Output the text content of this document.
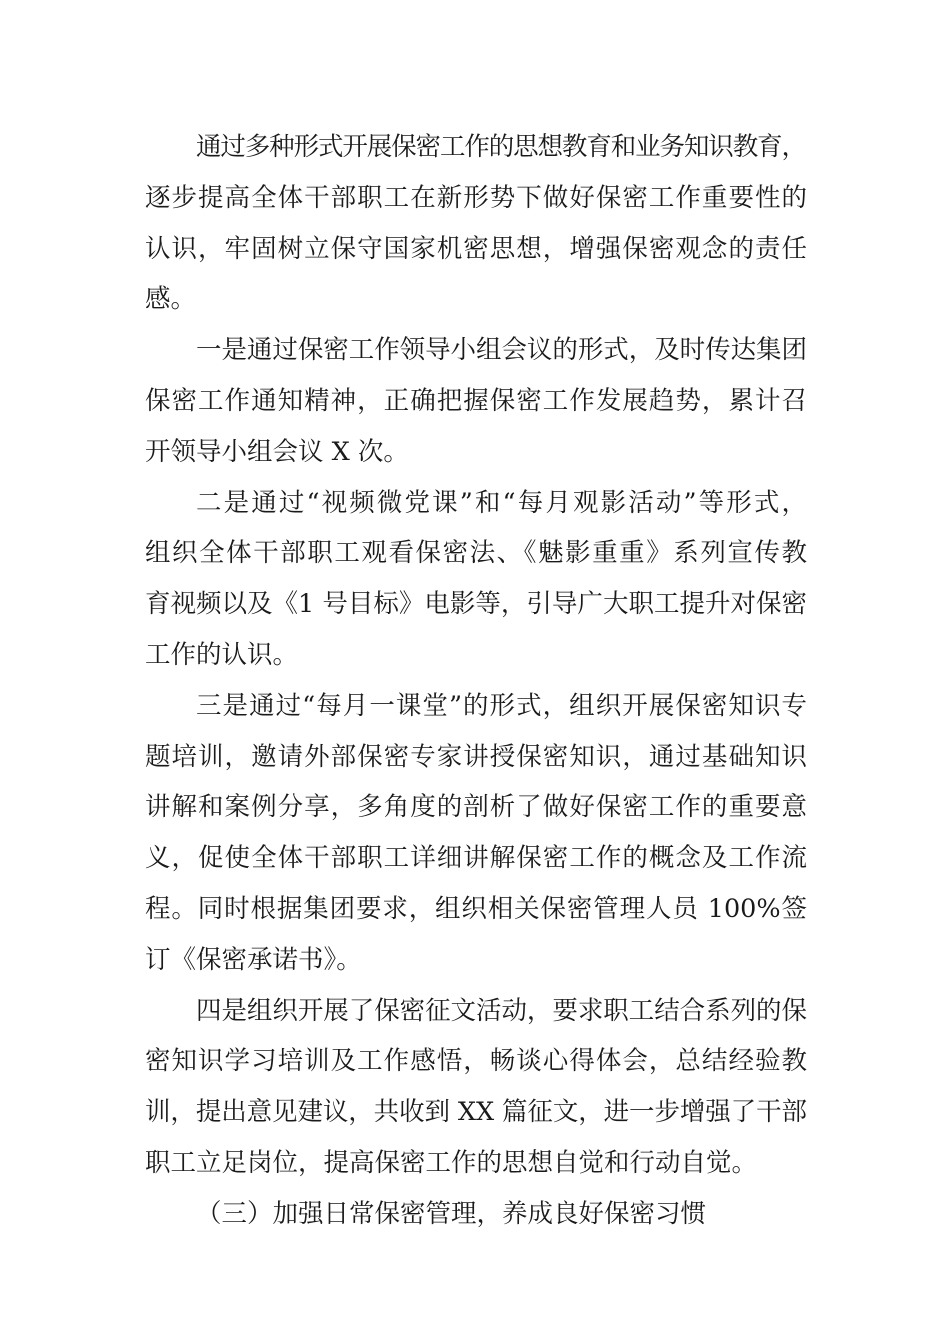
通过多种形式开展保密工作的思想教育和业务知识教育，
逐步提高全体干部职工在新形势下做好保密工作重要性的
认识，牢固树立保守国家机密思想，增强保密观念的责任
感。
一是通过保密工作领导小组会议的形式，及时传达集团
保密工作通知精神，正确把握保密工作发展趋势，累计召
开领导小组会议 X 次。
二是通过“视频微党课”和“每月观影活动”等形式，
组织全体干部职工观看保密法、《魅影重重》系列宣传教
育视频以及《1 号目标》电影等，引导广大职工提升对保密
工作的认识。
三是通过“每月一课堂”的形式，组织开展保密知识专
题培训，邀请外部保密专家讲授保密知识，通过基础知识
讲解和案例分享，多角度的剖析了做好保密工作的重要意
义，促使全体干部职工详细讲解保密工作的概念及工作流
程。同时根据集团要求，组织相关保密管理人员 100%签
订《保密承诺书》。
四是组织开展了保密征文活动，要求职工结合系列的保
密知识学习培训及工作感悟，畅谈心得体会，总结经验教
训，提出意见建议，共收到 XX 篇征文，进一步增强了干部
职工立足岗位，提高保密工作的思想自觉和行动自觉。
（三）加强日常保密管理，养成良好保密习惯
